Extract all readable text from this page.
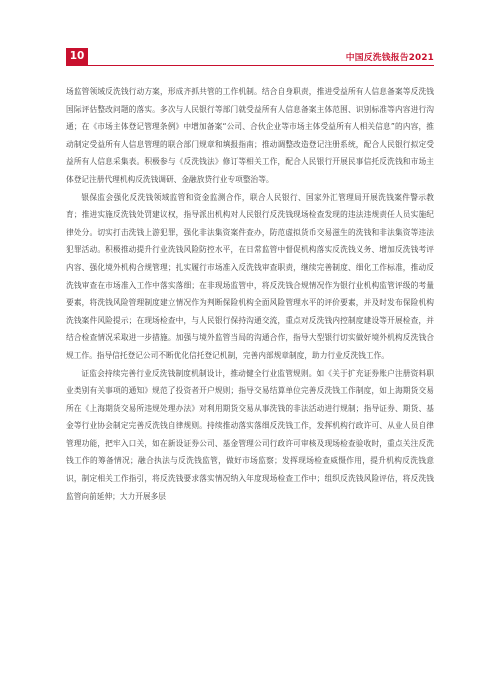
10	中国反洗钱报告2021

场监管领域反洗钱行动方案，形成齐抓共管的工作机制。结合自身职责，推进受益所有人信息备案等反洗钱国际评估整改问题的落实。多次与人民银行等部门就受益所有人信息备案主体范围、识别标准等内容进行沟通；在《市场主体登记管理条例》中增加备案“公司、合伙企业等市场主体受益所有人相关信息”的内容，推动制定受益所有人信息管理的联合部门规章和填报指南；推动调整改造登记注册系统，配合人民银行拟定受益所有人信息采集表。积极参与《反洗钱法》修订等相关工作，配合人民银行开展民事信托反洗钱和市场主体登记注册代理机构反洗钱调研、金融放贷行业专项整治等。

银保监会强化反洗钱领域监管和资金监测合作，联合人民银行、国家外汇管理局开展洗钱案件警示教育；推进实施反洗钱处罚建议权，指导派出机构对人民银行反洗钱现场检查发现的违法违规责任人员实施纪律处分。切实打击洗钱上游犯罪，强化非法集资案件查办，防范虚拟货币交易滋生的洗钱和非法集资等违法犯罪活动。积极推动提升行业洗钱风险防控水平，在日常监管中督促机构落实反洗钱义务、增加反洗钱考评内容、强化境外机构合规管理；扎实履行市场准入反洗钱审查职责，继续完善制度、细化工作标准，推动反洗钱审查在市场准入工作中落实落细；在非现场监管中，将反洗钱合规情况作为银行业机构监管评级的考量要素，将洗钱风险管理制度建立情况作为判断保险机构全面风险管理水平的评价要素，并及时发布保险机构洗钱案件风险提示；在现场检查中，与人民银行保持沟通交流，重点对反洗钱内控制度建设等开展检查，并结合检查情况采取进一步措施。加强与境外监管当局的沟通合作，指导大型银行切实做好境外机构反洗钱合规工作。指导信托登记公司不断优化信托登记机制，完善内部规章制度，助力行业反洗钱工作。

证监会持续完善行业反洗钱制度机制设计，推动健全行业监管规则。如《关于扩充证券账户注册资料职业类别有关事项的通知》规范了投资者开户规则；指导交易结算单位完善反洗钱工作制度，如上海期货交易所在《上海期货交易所违规处理办法》对利用期货交易从事洗钱的非法活动进行规制；指导证券、期货、基金等行业协会制定完善反洗钱自律规则。持续推动落实落细反洗钱工作，发挥机构行政许可、从业人员自律管理功能，把牢入口关，如在新设证券公司、基金管理公司行政许可审核及现场检查验收时，重点关注反洗钱工作的筹备情况；融合执法与反洗钱监管，做好市场监察；发挥现场检查威慑作用，提升机构反洗钱意识，制定相关工作指引，将反洗钱要求落实情况纳入年度现场检查工作中；组织反洗钱风险评估，将反洗钱监管向前延伸；大力开展多层
